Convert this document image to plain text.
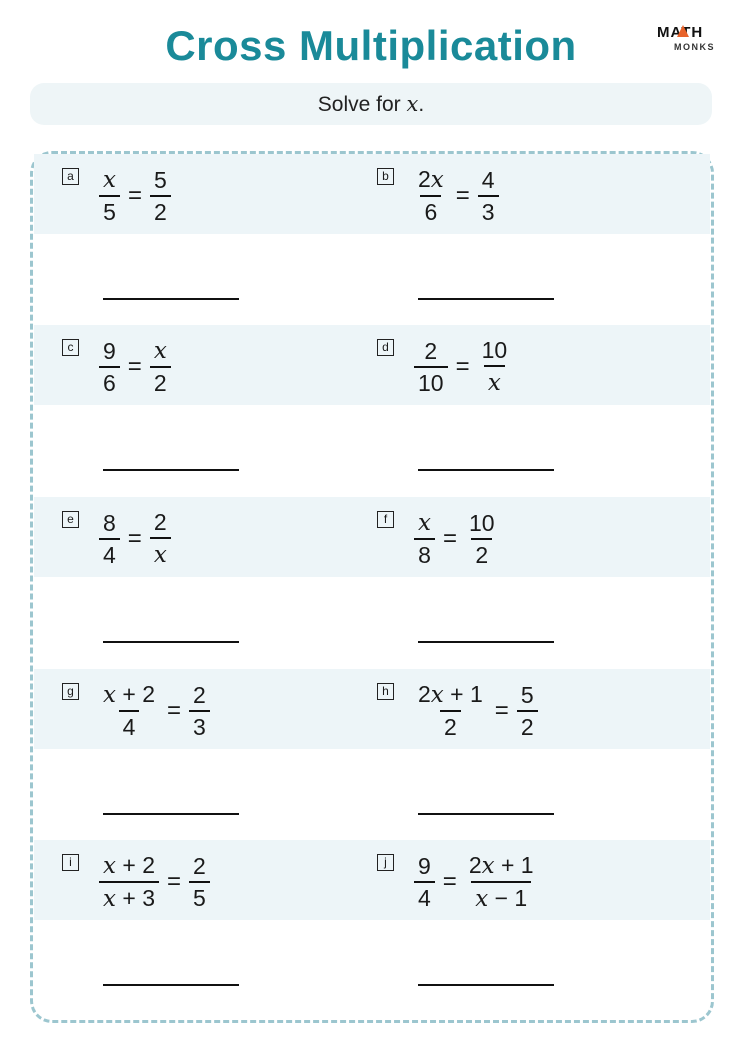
Cross Multiplication	MATH
MONKS
Solve for x.
a $\frac{x}{5} = \frac{5}{2}$	b $\frac{2x}{6} = \frac{4}{3}$
c $\frac{9}{6} = \frac{x}{2}$	d $\frac{2}{10} = \frac{10}{x}$
e $\frac{8}{4} = \frac{2}{x}$	f $\frac{x}{8} = \frac{10}{2}$
g $\frac{x + 2}{4} = \frac{2}{3}$	h $\frac{2x + 1}{2} = \frac{5}{2}$
i	$\frac{x + 2}{x + 3} = \frac{2}{5}$	j	$\frac{9}{4} = \frac{2x + 1}{x - 1}$
